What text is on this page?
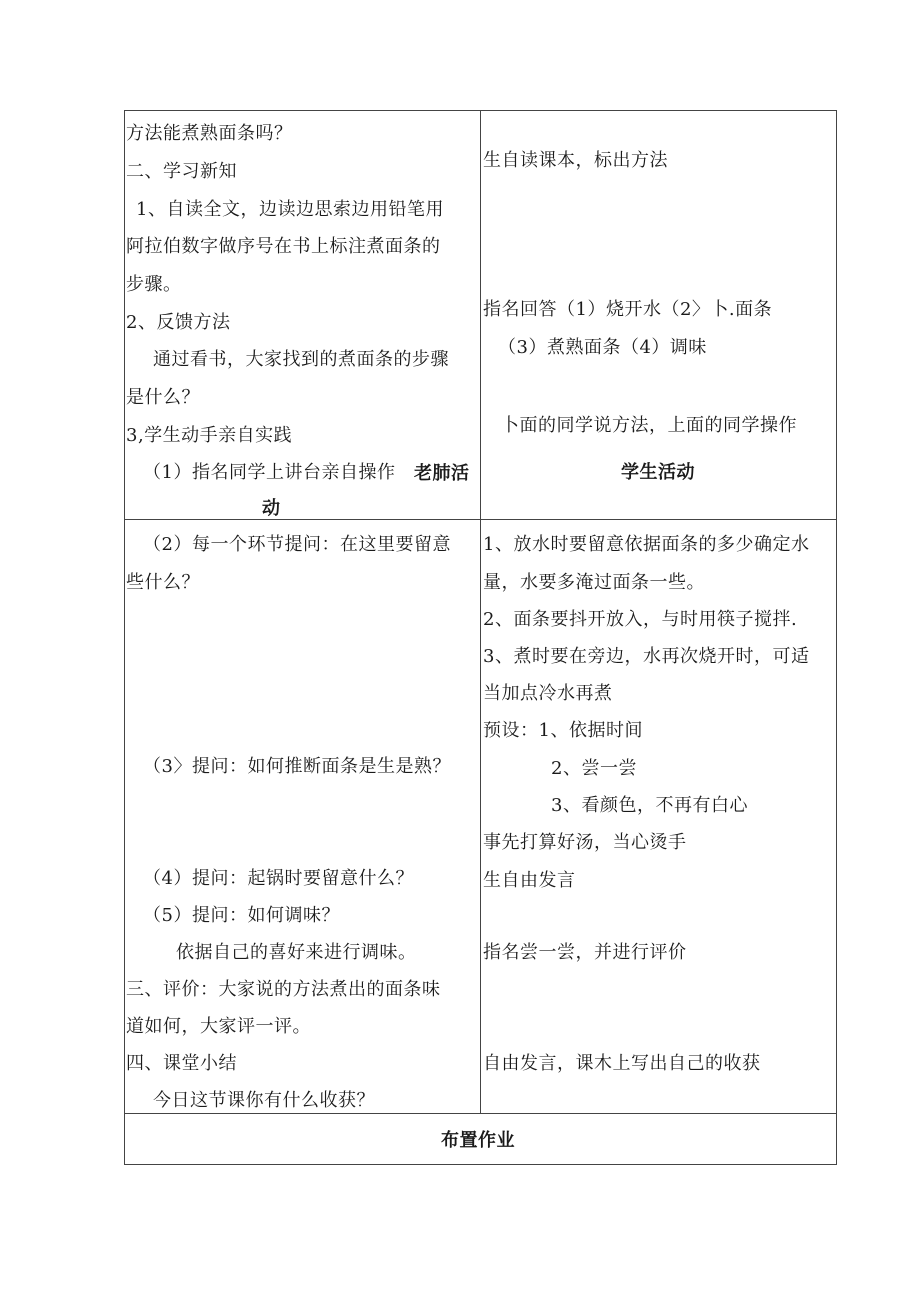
方法能煮熟面条吗？
二、学习新知
1、自读全文，边读边思索边用铅笔用
阿拉伯数字做序号在书上标注煮面条的
步骤。
2、反馈方法
通过看书，大家找到的煮面条的步骤
是什么？
3,学生动手亲自实践
（1）指名同学上讲台亲自操作 老肺活
动
（2）每一个环节提问：在这里要留意
些什么？
（3〉提问：如何推断面条是生是熟？
（4）提问：起锅时要留意什么？
（5）提问：如何调味？
依据自己的喜好来进行调味。
三、评价：大家说的方法煮出的面条味
道如何，大家评一评。
四、课堂小结
今日这节课你有什么收获？
生自读课本，标出方法
指名回答（1）烧开水（2〉卜.面条
（3）煮熟面条（4）调味
卜面的同学说方法，上面的同学操作
学生活动
1、放水时要留意依据面条的多少确定水
量，水要多淹过面条一些。
2、面条要抖开放入，与时用筷子搅拌.
3、煮时要在旁边，水再次烧开时，可适
当加点冷水再煮
预设：1、依据时间
2、尝一尝
3、看颜色，不再有白心
事先打算好汤，当心烫手
生自由发言
指名尝一尝，并进行评价
自由发言，课木上写出自己的收获
布置作业
